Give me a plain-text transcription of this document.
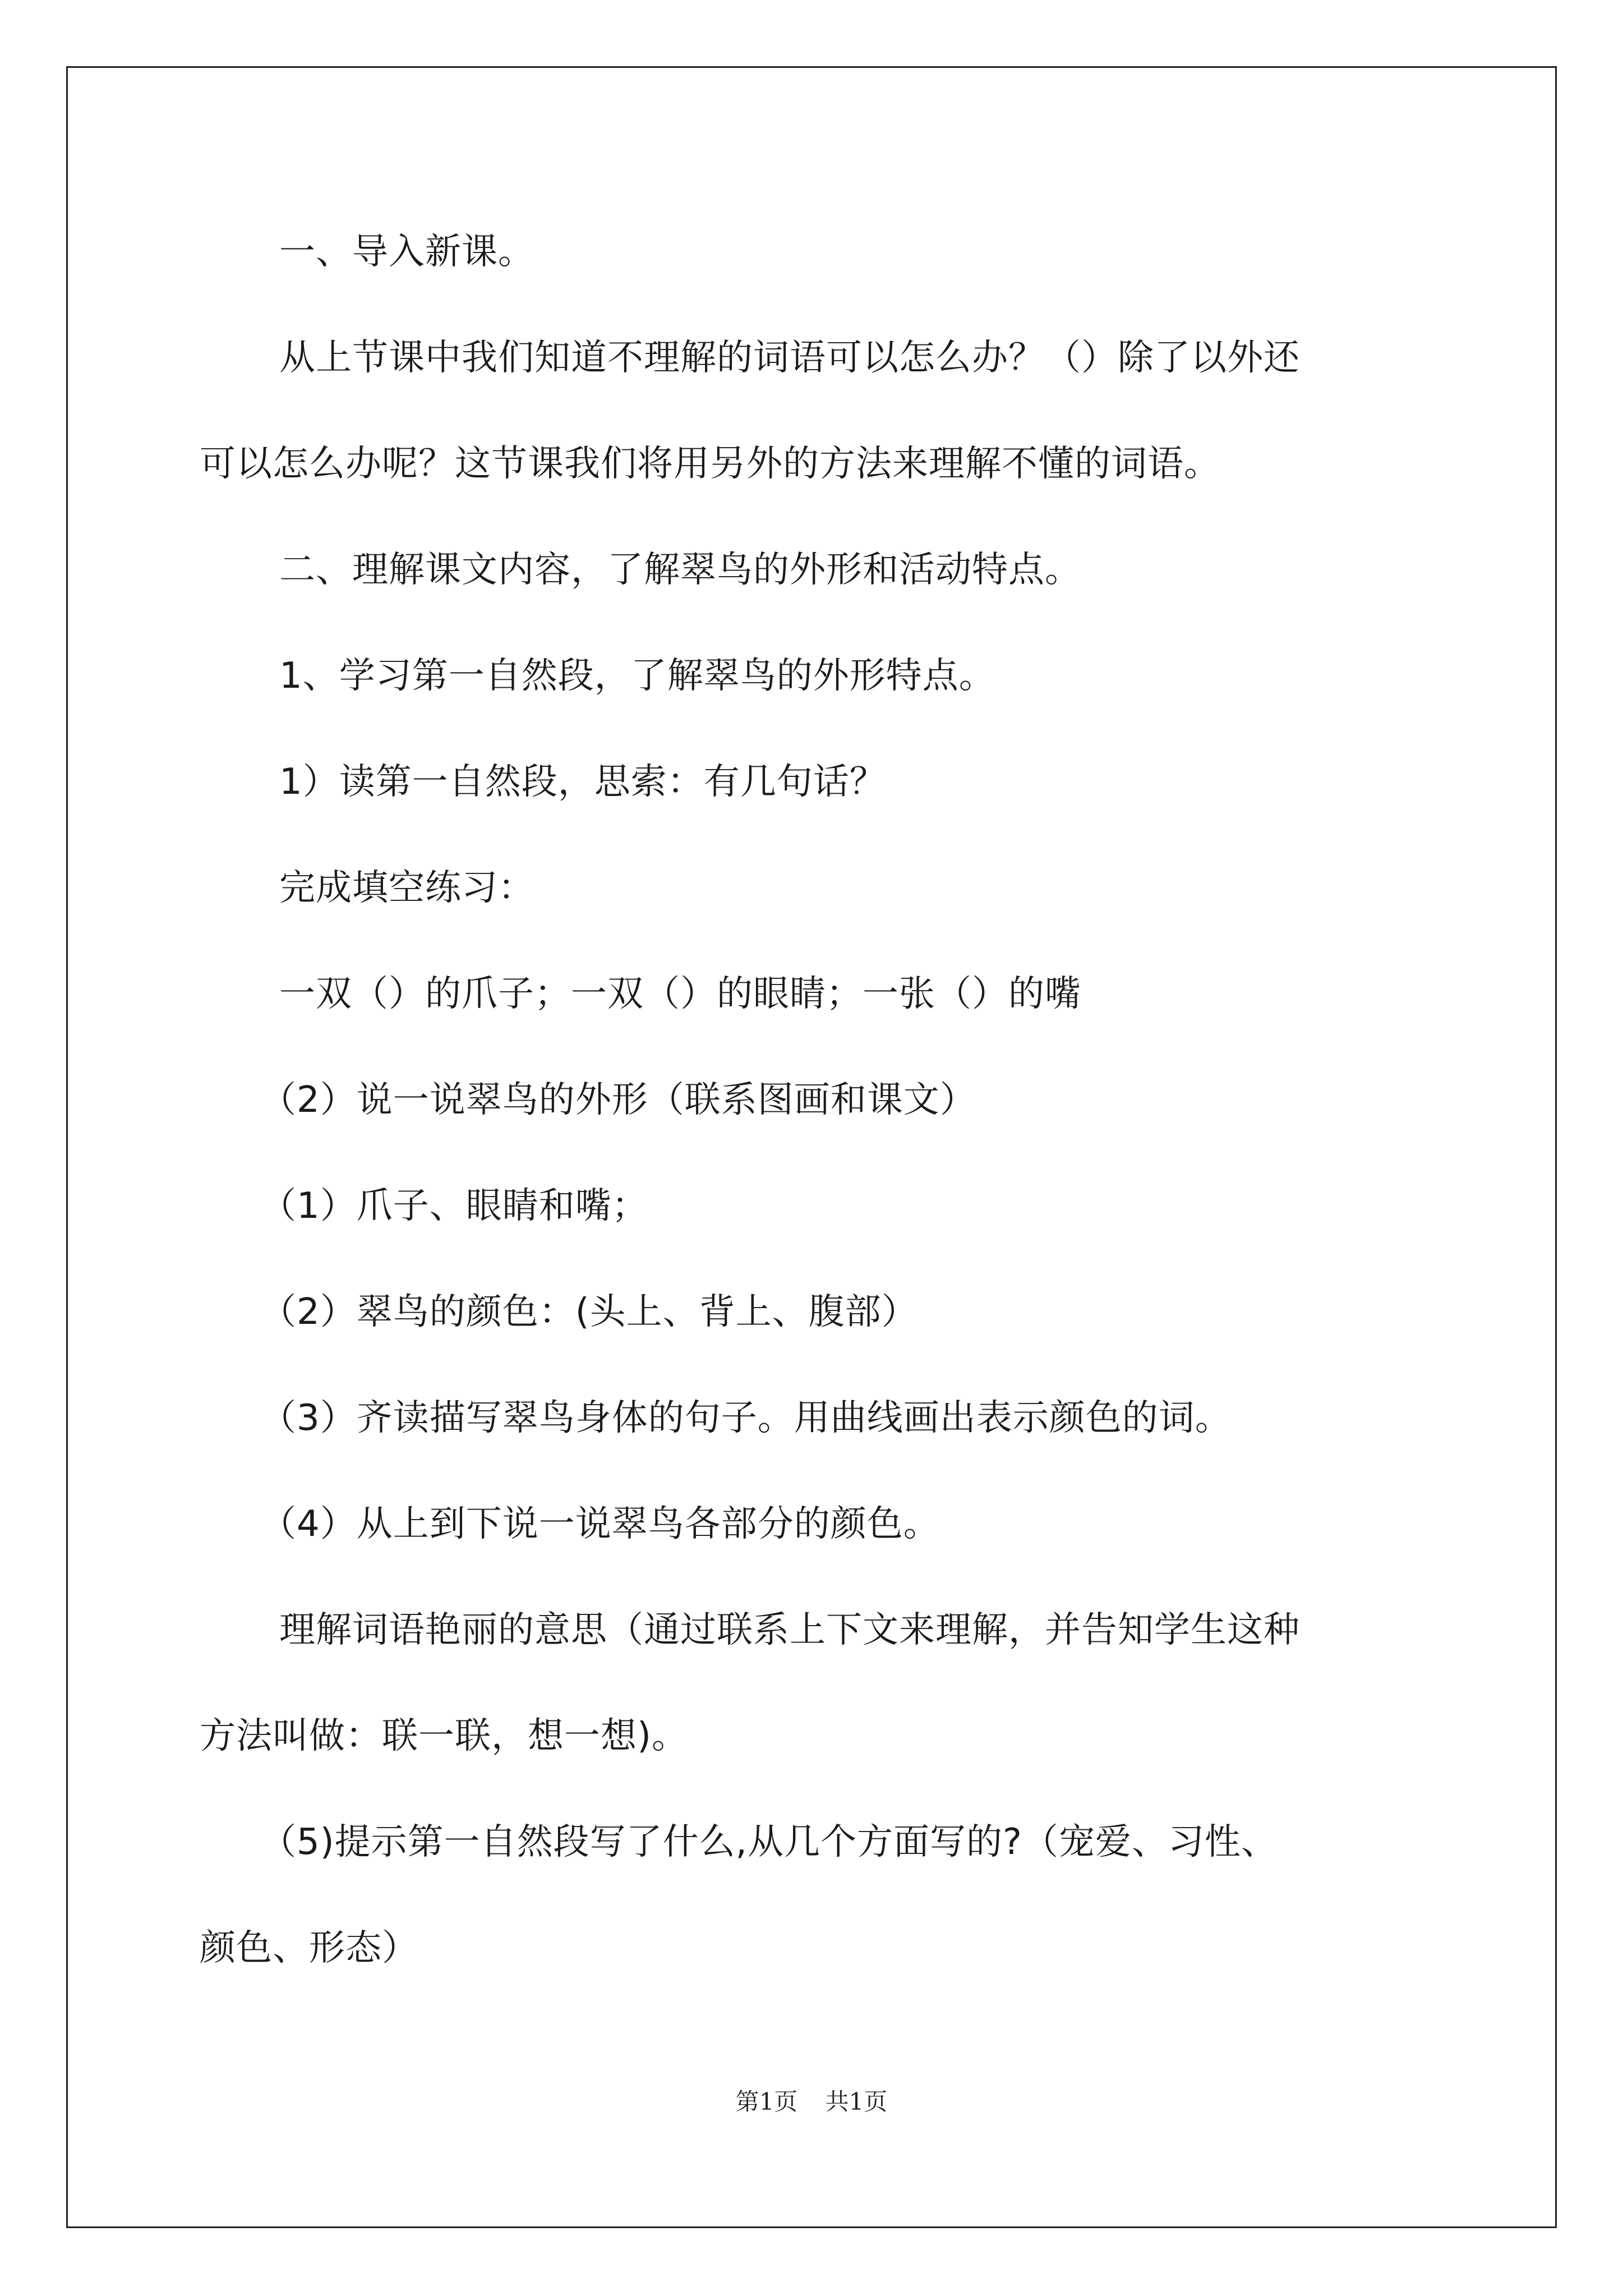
一、导入新课。
从上节课中我们知道不理解的词语可以怎么办？（）除了以外还
可以怎么办呢？这节课我们将用另外的方法来理解不懂的词语。
二、理解课文内容，了解翠鸟的外形和活动特点。
1、学习第一自然段，了解翠鸟的外形特点。
1）读第一自然段，思索：有几句话？
完成填空练习：
一双（）的爪子；一双（）的眼睛；一张（）的嘴
（2）说一说翠鸟的外形（联系图画和课文）
（1）爪子、眼睛和嘴；
（2）翠鸟的颜色：(头上、背上、腹部）
（3）齐读描写翠鸟身体的句子。用曲线画出表示颜色的词。
（4）从上到下说一说翠鸟各部分的颜色。
理解词语艳丽的意思（通过联系上下文来理解，并告知学生这种
方法叫做：联一联，想一想)。
（5)提示第一自然段写了什么,从几个方面写的?（宠爱、习性、
颜色、形态）
第1页 共1页
